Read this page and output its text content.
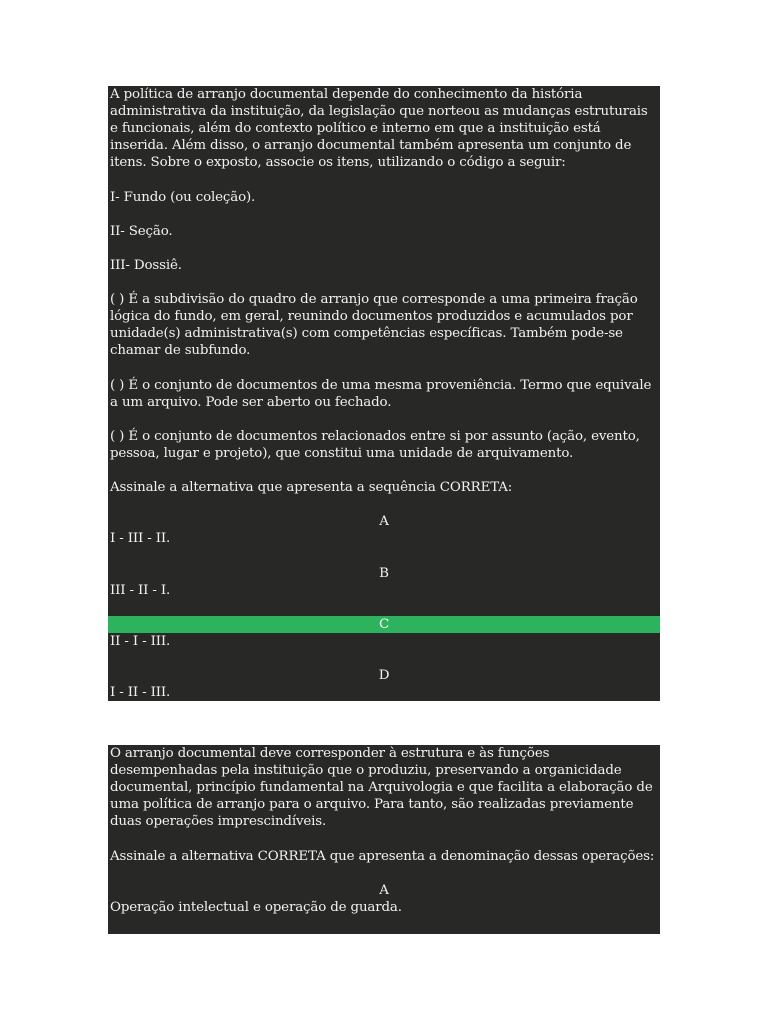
A política de arranjo documental depende do conhecimento da história administrativa da instituição, da legislação que norteou as mudanças estruturais e funcionais, além do contexto político e interno em que a instituição está inserida. Além disso, o arranjo documental também apresenta um conjunto de itens. Sobre o exposto, associe os itens, utilizando o código a seguir:

I- Fundo (ou coleção).

II- Seção.

III- Dossiê.

( ) É a subdivisão do quadro de arranjo que corresponde a uma primeira fração lógica do fundo, em geral, reunindo documentos produzidos e acumulados por unidade(s) administrativa(s) com competências específicas. Também pode-se chamar de subfundo.

( ) É o conjunto de documentos de uma mesma proveniência. Termo que equivale a um arquivo. Pode ser aberto ou fechado.

( ) É o conjunto de documentos relacionados entre si por assunto (ação, evento, pessoa, lugar e projeto), que constitui uma unidade de arquivamento.

Assinale a alternativa que apresenta a sequência CORRETA:

A

I - III - II.

B

III - II - I.

C

II - I - III.

D

I - II - III.

O arranjo documental deve corresponder à estrutura e às funções desempenhadas pela instituição que o produziu, preservando a organicidade documental, princípio fundamental na Arquivologia e que facilita a elaboração de uma política de arranjo para o arquivo. Para tanto, são realizadas previamente duas operações imprescindíveis.

Assinale a alternativa CORRETA que apresenta a denominação dessas operações:

A

Operação intelectual e operação de guarda.
